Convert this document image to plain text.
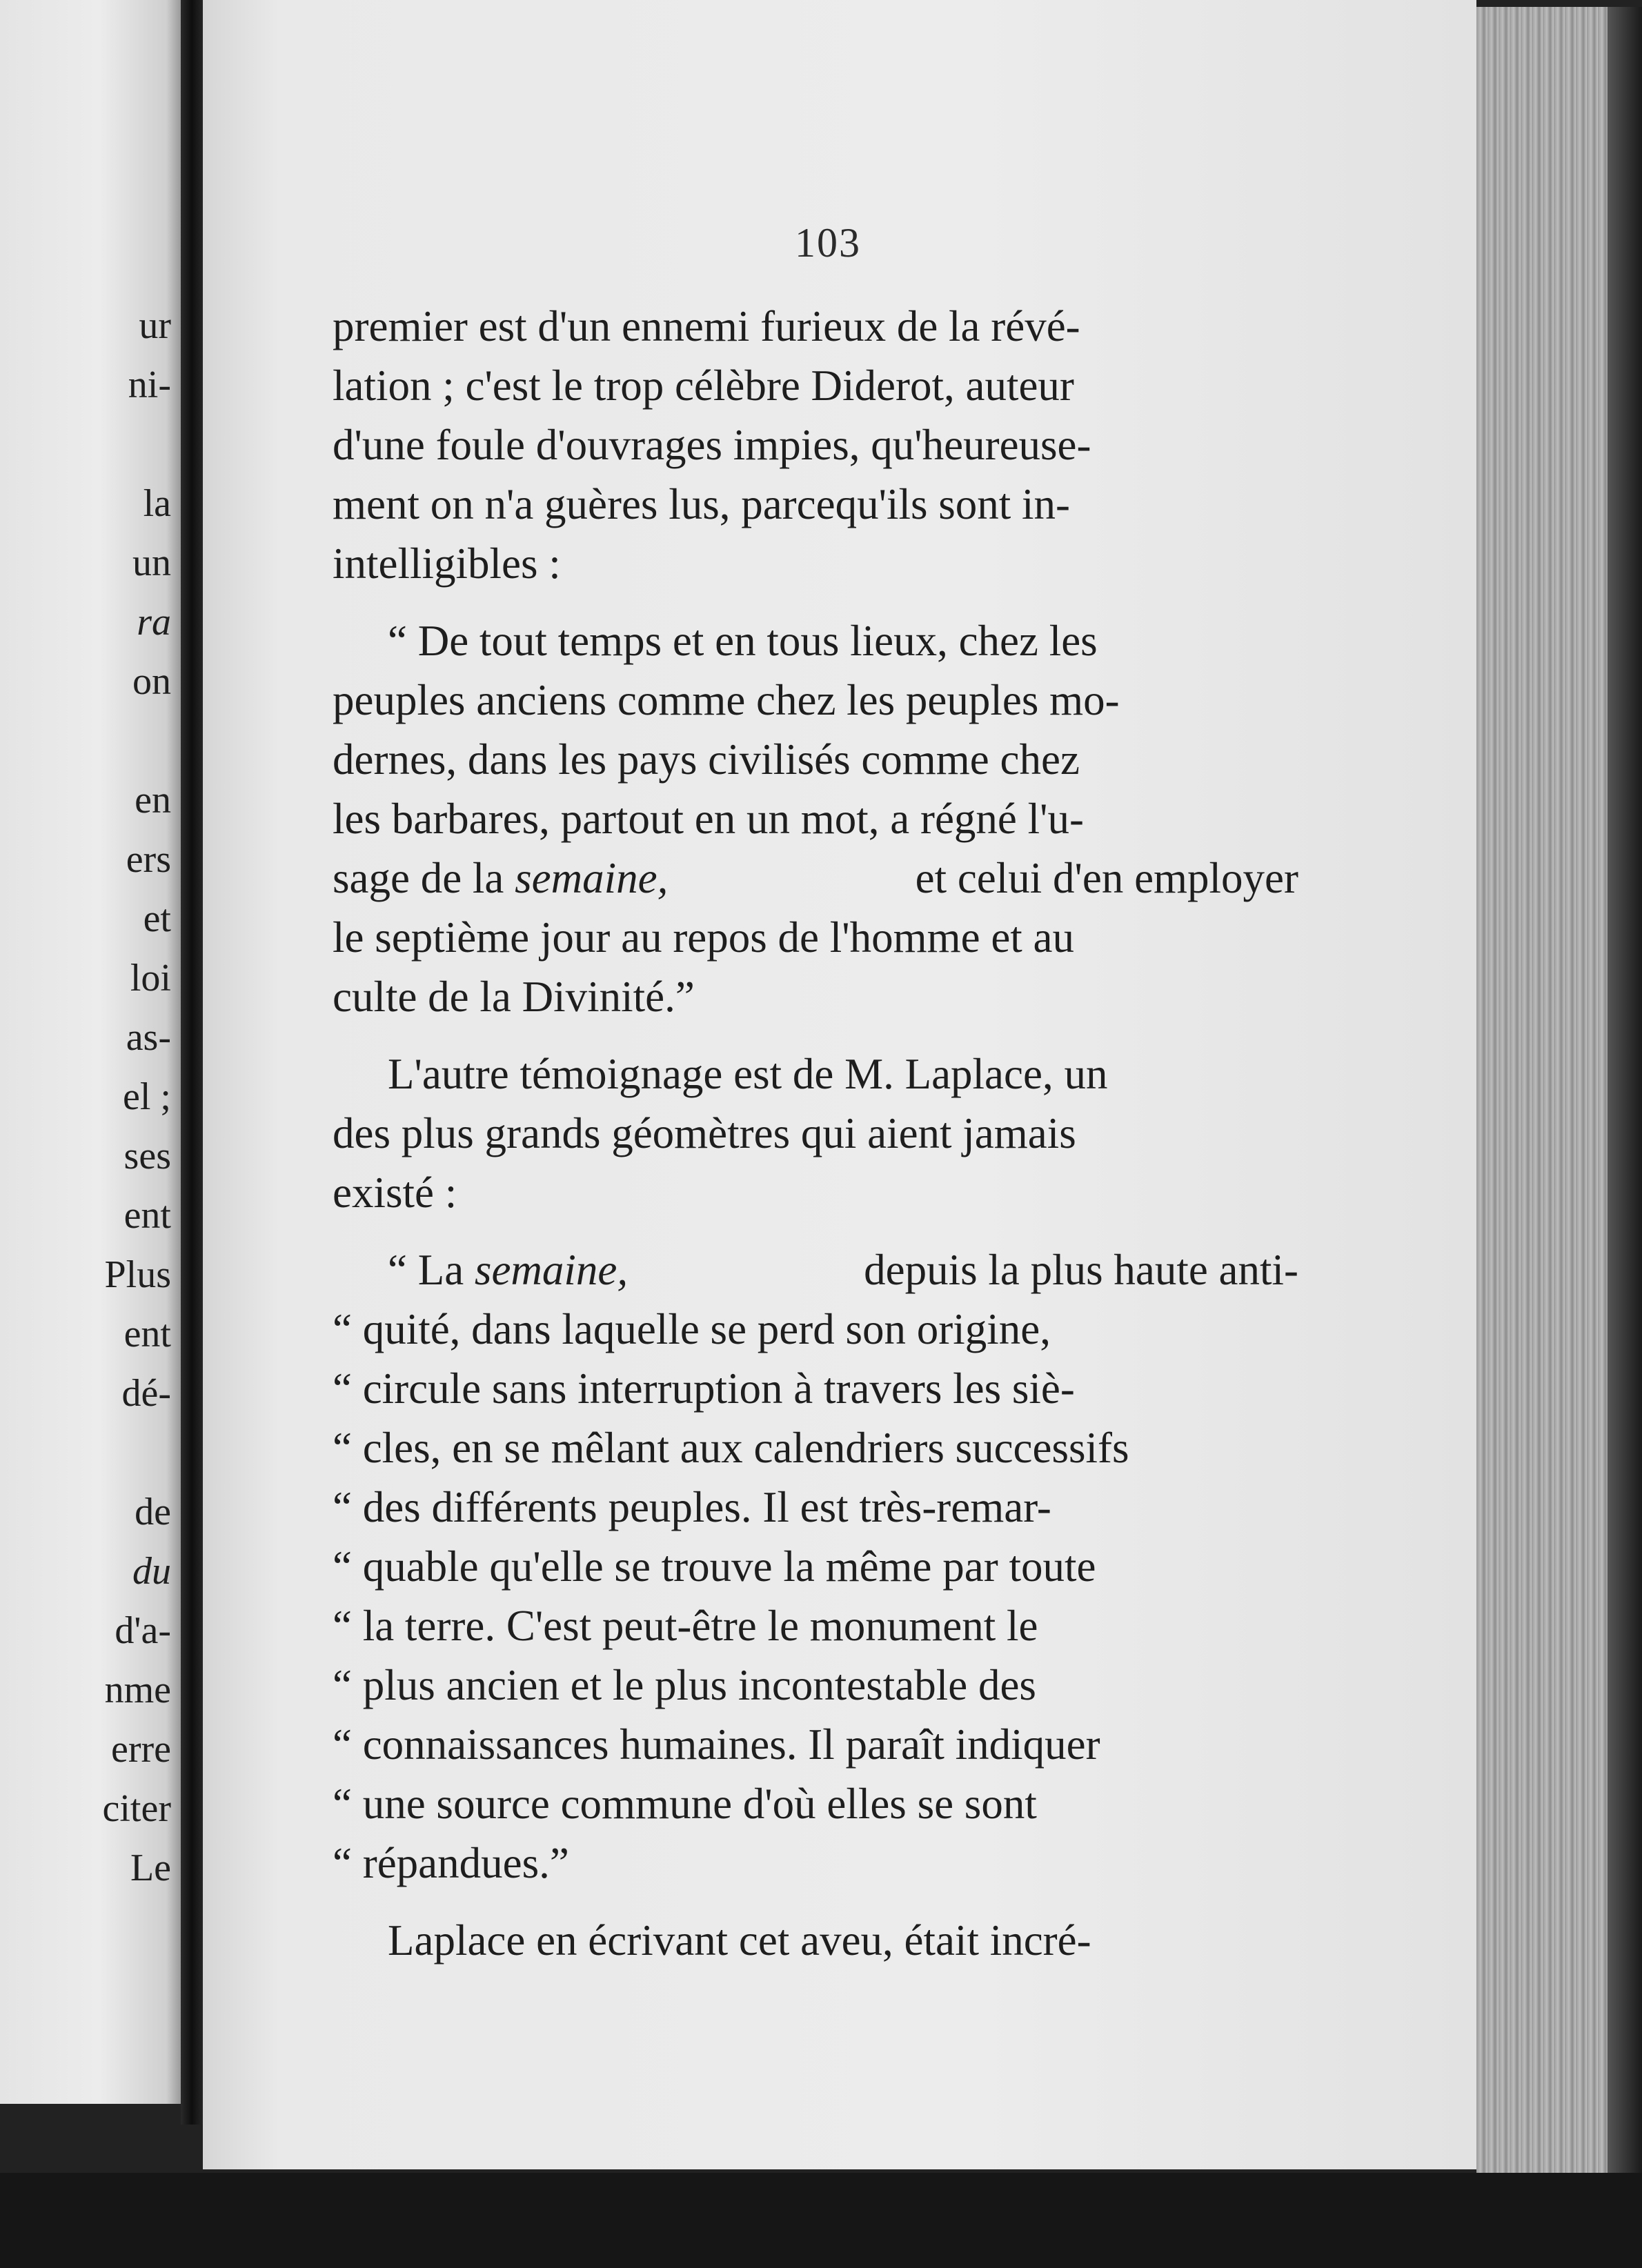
ur
ni-
la
un
ra
on
en
ers
et
loi
as-
el ;
ses
ent
Plus
ent
dé-
de
du
d'a-
nme
erre
citer
Le
103
premier est d'un ennemi furieux de la révé-
lation ; c'est le trop célèbre Diderot, auteur
d'une foule d'ouvrages impies, qu'heureuse-
ment on n'a guères lus, parcequ'ils sont in-
intelligibles :
“ De tout temps et en tous lieux, chez les
peuples anciens comme chez les peuples mo-
dernes, dans les pays civilisés comme chez
les barbares, partout en un mot, a régné l'u-
sage de la semaine,	et celui d'en employer
le septième jour au repos de l'homme et au
culte de la Divinité.”
L'autre témoignage est de M. Laplace, un
des plus grands géomètres qui aient jamais
existé :
“ La semaine,	depuis la plus haute anti-
“ quité, dans laquelle se perd son origine,
“ circule sans interruption à travers les siè-
“ cles, en se mêlant aux calendriers successifs
“ des différents peuples. Il est très-remar-
“ quable qu'elle se trouve la même par toute
“ la terre. C'est peut-être le monument le
“ plus ancien et le plus incontestable des
“ connaissances humaines. Il paraît indiquer
“ une source commune d'où elles se sont
“ répandues.”
Laplace en écrivant cet aveu, était incré-
